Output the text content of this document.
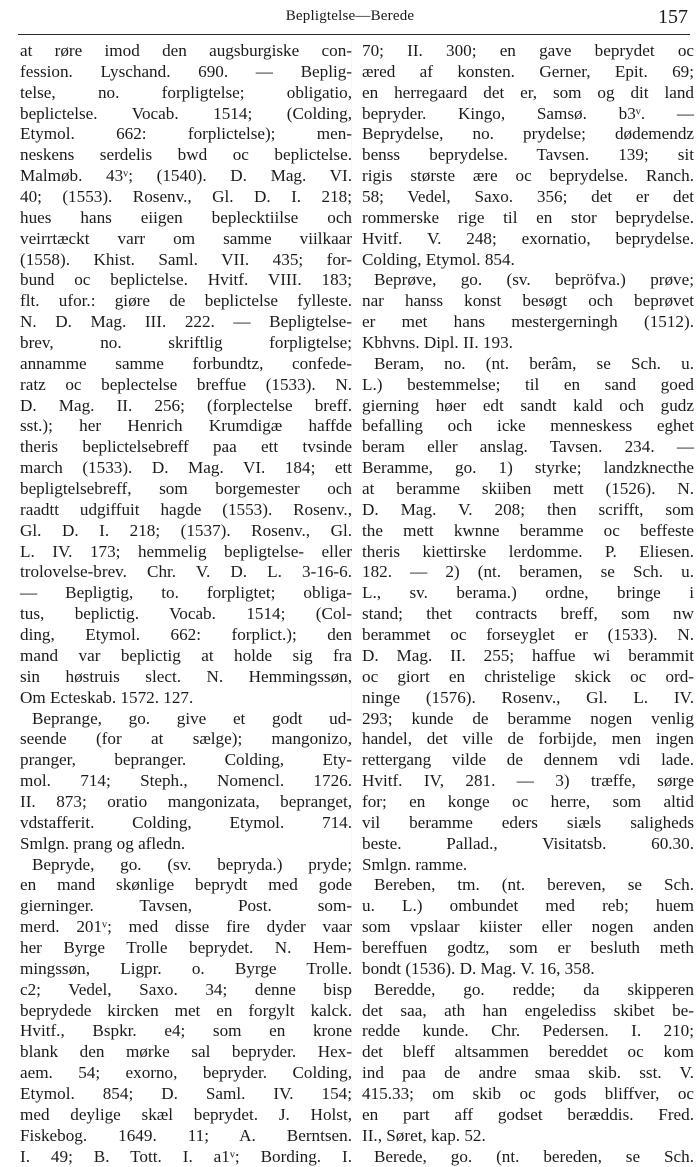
Bepligtelse—Berede	157
at røre imod den augsburgiske con-
fession. Lyschand. 690. — Beplig-
telse, no. forpligtelse; obligatio,
beplictelse. Vocab. 1514; (Colding,
Etymol. 662: forplictelse); men-
neskens serdelis bwd oc beplictelse.
Malmøb. 43ᵛ; (1540). D. Mag. VI.
40; (1553). Rosenv., Gl. D. I. 218;
hues hans eiigen beplecktiilse och
veirrtæckt varr om samme viilkaar
(1558). Khist. Saml. VII. 435; for-
bund oc beplictelse. Hvitf. VIII. 183;
flt. ufor.: giøre de beplictelse fylleste.
N. D. Mag. III. 222. — Bepligtelse-
brev, no. skriftlig forpligtelse;
annamme samme forbundtz, confede-
ratz oc beplectelse breffue (1533). N.
D. Mag. II. 256; (forplectelse breff.
sst.); her Henrich Krumdigæ haffde
theris beplictelsebreff paa ett tvsinde
march (1533). D. Mag. VI. 184; ett
bepligtelsebreff, som borgemester och
raadtt udgiffuit hagde (1553). Rosenv.,
Gl. D. I. 218; (1537). Rosenv., Gl.
L. IV. 173; hemmelig bepligtelse- eller
trolovelse-brev. Chr. V. D. L. 3-16-6.
— Bepligtig, to. forpligtet; obliga-
tus, beplictig. Vocab. 1514; (Col-
ding, Etymol. 662: forplict.); den
mand var beplictig at holde sig fra
sin høstruis slect. N. Hemmingssøn,
Om Ecteskab. 1572. 127.
Beprange, go. give et godt ud-
seende (for at sælge); mangonizo,
pranger, bepranger. Colding, Ety-
mol. 714; Steph., Nomencl. 1726.
II. 873; oratio mangonizata, bepranget,
vdstafferit. Colding, Etymol. 714.
Smlgn. prang og afledn.
Bepryde, go. (sv. bepryda.) pryde;
en mand skønlige beprydt med gode
gierninger. Tavsen, Post. som-
merd. 201ᵛ; med disse fire dyder vaar
her Byrge Trolle beprydet. N. Hem-
mingssøn, Ligpr. o. Byrge Trolle.
c2; Vedel, Saxo. 34; denne bisp
beprydede kircken met en forgylt kalck.
Hvitf., Bspkr. e4; som en krone
blank den mørke sal bepryder. Hex-
aem. 54; exorno, bepryder. Colding,
Etymol. 854; D. Saml. IV. 154;
med deylige skæl beprydet. J. Holst,
Fiskebog. 1649. 11; A. Berntsen.
I. 49; B. Tott. I. a1ᵛ; Bording. I.
70; II. 300; en gave beprydet oc
æred af konsten. Gerner, Epit. 69;
en herregaard det er, som og dit land
bepryder. Kingo, Samsø. b3ᵛ. —
Beprydelse, no. prydelse; dødemendz
benss beprydelse. Tavsen. 139; sit
rigis største ære oc beprydelse. Ranch.
58; Vedel, Saxo. 356; det er det
rommerske rige til en stor beprydelse.
Hvitf. V. 248; exornatio, beprydelse.
Colding, Etymol. 854.
Beprøve, go. (sv. bepröfva.) prøve;
nar hanss konst besøgt och beprøvet
er met hans mestergerningh (1512).
Kbhvns. Dipl. II. 193.
Beram, no. (nt. berâm, se Sch. u.
L.) bestemmelse; til en sand goed
gierning høer edt sandt kald och gudz
befalling och icke menneskess eghet
beram eller anslag. Tavsen. 234. —
Beramme, go. 1) styrke; landzknecthe
at beramme skiiben mett (1526). N.
D. Mag. V. 208; then scrifft, som
the mett kwnne beramme oc beffeste
theris kiettirske lerdomme. P. Eliesen.
182. — 2) (nt. beramen, se Sch. u.
L., sv. berama.) ordne, bringe i
stand; thet contracts breff, som nw
berammet oc forseyglet er (1533). N.
D. Mag. II. 255; haffue wi berammit
oc giort en christelige skick oc ord-
ninge (1576). Rosenv., Gl. L. IV.
293; kunde de beramme nogen venlig
handel, det ville de forbijde, men ingen
rettergang vilde de dennem vdi lade.
Hvitf. IV, 281. — 3) træffe, sørge
for; en konge oc herre, som altid
vil beramme eders siæls saligheds
beste. Pallad., Visitatsb. 60.30.
Smlgn. ramme.
Bereben, tm. (nt. bereven, se Sch.
u. L.) ombundet med reb; huem
som vpslaar kiister eller nogen anden
bereffuen godtz, som er besluth meth
bondt (1536). D. Mag. V. 16, 358.
Beredde, go. redde; da skipperen
det saa, ath han engelediss skibet be-
redde kunde. Chr. Pedersen. I. 210;
det bleff altsammen bereddet oc kom
ind paa de andre smaa skib. sst. V.
415.33; om skib oc gods bliffver, oc
en part aff godset beræddis. Fred.
II., Søret, kap. 52.
Berede, go. (nt. bereden, se Sch.
